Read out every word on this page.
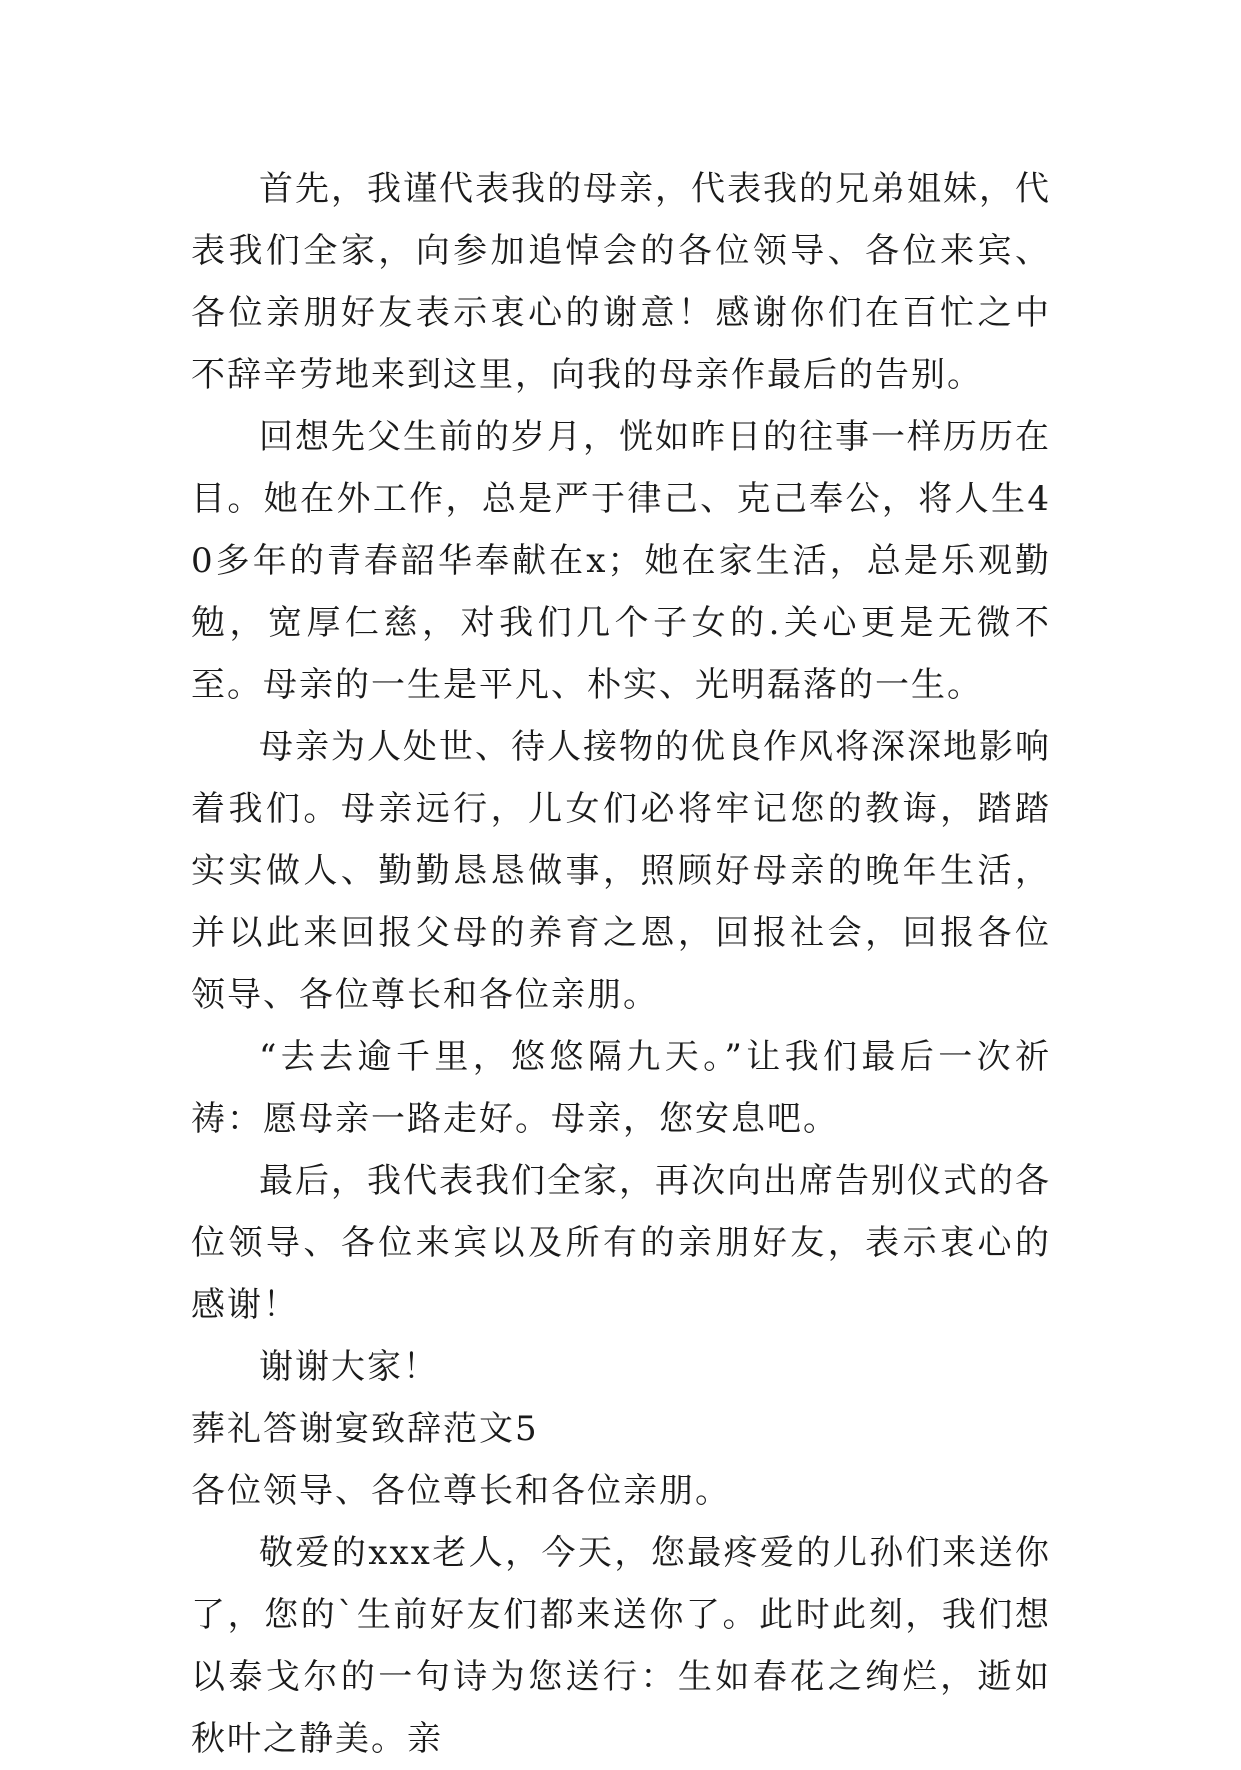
首先，我谨代表我的母亲，代表我的兄弟姐妹，代表我们全家，向参加追悼会的各位领导、各位来宾、各位亲朋好友表示衷心的谢意！感谢你们在百忙之中不辞辛劳地来到这里，向我的母亲作最后的告别。

回想先父生前的岁月，恍如昨日的往事一样历历在目。她在外工作，总是严于律己、克己奉公，将人生40多年的青春韶华奉献在x；她在家生活，总是乐观勤勉，宽厚仁慈，对我们几个子女的.关心更是无微不至。母亲的一生是平凡、朴实、光明磊落的一生。

母亲为人处世、待人接物的优良作风将深深地影响着我们。母亲远行，儿女们必将牢记您的教诲，踏踏实实做人、勤勤恳恳做事，照顾好母亲的晚年生活，并以此来回报父母的养育之恩，回报社会，回报各位领导、各位尊长和各位亲朋。

“去去逾千里，悠悠隔九天。”让我们最后一次祈祷：愿母亲一路走好。母亲，您安息吧。

最后，我代表我们全家，再次向出席告别仪式的各位领导、各位来宾以及所有的亲朋好友，表示衷心的感谢！

谢谢大家！

葬礼答谢宴致辞范文5

各位领导、各位尊长和各位亲朋。

敬爱的xxx老人，今天，您最疼爱的儿孙们来送你了，您的`生前好友们都来送你了。此时此刻，我们想以泰戈尔的一句诗为您送行：生如春花之绚烂，逝如秋叶之静美。亲
